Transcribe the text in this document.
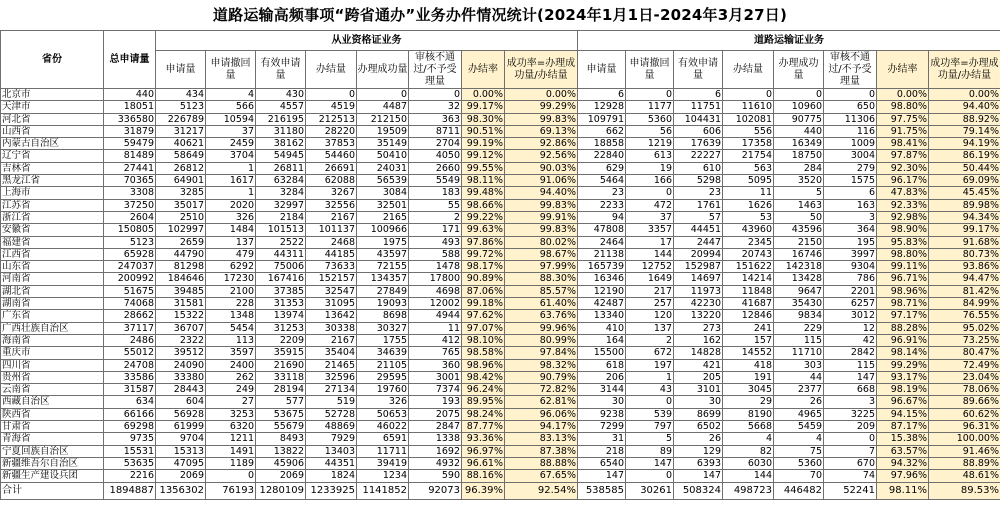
道路运输高频事项“跨省通办”业务办件情况统计(2024年1月1日-2024年3月27日)
省份	总申请量	从业资格证业务								道路运输证业务							
		申请量	申请撤回量	有效申请量	办结量	办理成功量	审核不通过/不予受理量	办结率	成功率=办理成功量/办结量	申请量	申请撤回量	有效申请量	办结量	办理成功量	审核不通过/不予受理量	办结率	成功率=办理成功量/办结量
北京市	440	434	4	430	0	0	0	0.00%	0.00%	6	0	6	0	0	0	0.00%	0.00%
天津市	18051	5123	566	4557	4519	4487	32	99.17%	99.29%	12928	1177	11751	11610	10960	650	98.80%	94.40%
河北省	336580	226789	10594	216195	212513	212150	363	98.30%	99.83%	109791	5360	104431	102081	90775	11306	97.75%	88.92%
山西省	31879	31217	37	31180	28220	19509	8711	90.51%	69.13%	662	56	606	556	440	116	91.75%	79.14%
内蒙古自治区	59479	40621	2459	38162	37853	35149	2704	99.19%	92.86%	18858	1219	17639	17358	16349	1009	98.41%	94.19%
辽宁省	81489	58649	3704	54945	54460	50410	4050	99.12%	92.56%	22840	613	22227	21754	18750	3004	97.87%	86.19%
吉林省	27441	26812	1	26811	26691	24031	2660	99.55%	90.03%	629	19	610	563	284	279	92.30%	50.44%
黑龙江省	70365	64901	1617	63284	62088	56539	5549	98.11%	91.06%	5464	166	5298	5095	3520	1575	96.17%	69.09%
上海市	3308	3285	1	3284	3267	3084	183	99.48%	94.40%	23	0	23	11	5	6	47.83%	45.45%
江苏省	37250	35017	2020	32997	32556	32501	55	98.66%	99.83%	2233	472	1761	1626	1463	163	92.33%	89.98%
浙江省	2604	2510	326	2184	2167	2165	2	99.22%	99.91%	94	37	57	53	50	3	92.98%	94.34%
安徽省	150805	102997	1484	101513	101137	100966	171	99.63%	99.83%	47808	3357	44451	43960	43596	364	98.90%	99.17%
福建省	5123	2659	137	2522	2468	1975	493	97.86%	80.02%	2464	17	2447	2345	2150	195	95.83%	91.68%
江西省	65928	44790	479	44311	44185	43597	588	99.72%	98.67%	21138	144	20994	20743	16746	3997	98.80%	80.73%
山东省	247037	81298	6292	75006	73633	72155	1478	98.17%	97.99%	165739	12752	152987	151622	142318	9304	99.11%	93.86%
河南省	200992	184646	17230	167416	152157	134357	17800	90.89%	88.30%	16346	1649	14697	14214	13428	786	96.71%	94.47%
湖北省	51675	39485	2100	37385	32547	27849	4698	87.06%	85.57%	12190	217	11973	11848	9647	2201	98.96%	81.42%
湖南省	74068	31581	228	31353	31095	19093	12002	99.18%	61.40%	42487	257	42230	41687	35430	6257	98.71%	84.99%
广东省	28662	15322	1348	13974	13642	8698	4944	97.62%	63.76%	13340	120	13220	12846	9834	3012	97.17%	76.55%
广西壮族自治区	37117	36707	5454	31253	30338	30327	11	97.07%	99.96%	410	137	273	241	229	12	88.28%	95.02%
海南省	2486	2322	113	2209	2167	1755	412	98.10%	80.99%	164	2	162	157	115	42	96.91%	73.25%
重庆市	55012	39512	3597	35915	35404	34639	765	98.58%	97.84%	15500	672	14828	14552	11710	2842	98.14%	80.47%
四川省	24708	24090	2400	21690	21465	21105	360	98.96%	98.32%	618	197	421	418	303	115	99.29%	72.49%
贵州省	33586	33380	262	33118	32596	29595	3001	98.42%	90.79%	206	1	205	191	44	147	93.17%	23.04%
云南省	31587	28443	249	28194	27134	19760	7374	96.24%	72.82%	3144	43	3101	3045	2377	668	98.19%	78.06%
西藏自治区	634	604	27	577	519	326	193	89.95%	62.81%	30	0	30	29	26	3	96.67%	89.66%
陕西省	66166	56928	3253	53675	52728	50653	2075	98.24%	96.06%	9238	539	8699	8190	4965	3225	94.15%	60.62%
甘肃省	69298	61999	6320	55679	48869	46022	2847	87.77%	94.17%	7299	797	6502	5668	5459	209	87.17%	96.31%
青海省	9735	9704	1211	8493	7929	6591	1338	93.36%	83.13%	31	5	26	4	4	0	15.38%	100.00%
宁夏回族自治区	15531	15313	1491	13822	13403	11711	1692	96.97%	87.38%	218	89	129	82	75	7	63.57%	91.46%
新疆维吾尔自治区	53635	47095	1189	45906	44351	39419	4932	96.61%	88.88%	6540	147	6393	6030	5360	670	94.32%	88.89%
新疆生产建设兵团	2216	2069	0	2069	1824	1234	590	88.16%	67.65%	147	0	147	144	70	74	97.96%	48.61%
合计	1894887	1356302	76193	1280109	1233925	1141852	92073	96.39%	92.54%	538585	30261	508324	498723	446482	52241	98.11%	89.53%
